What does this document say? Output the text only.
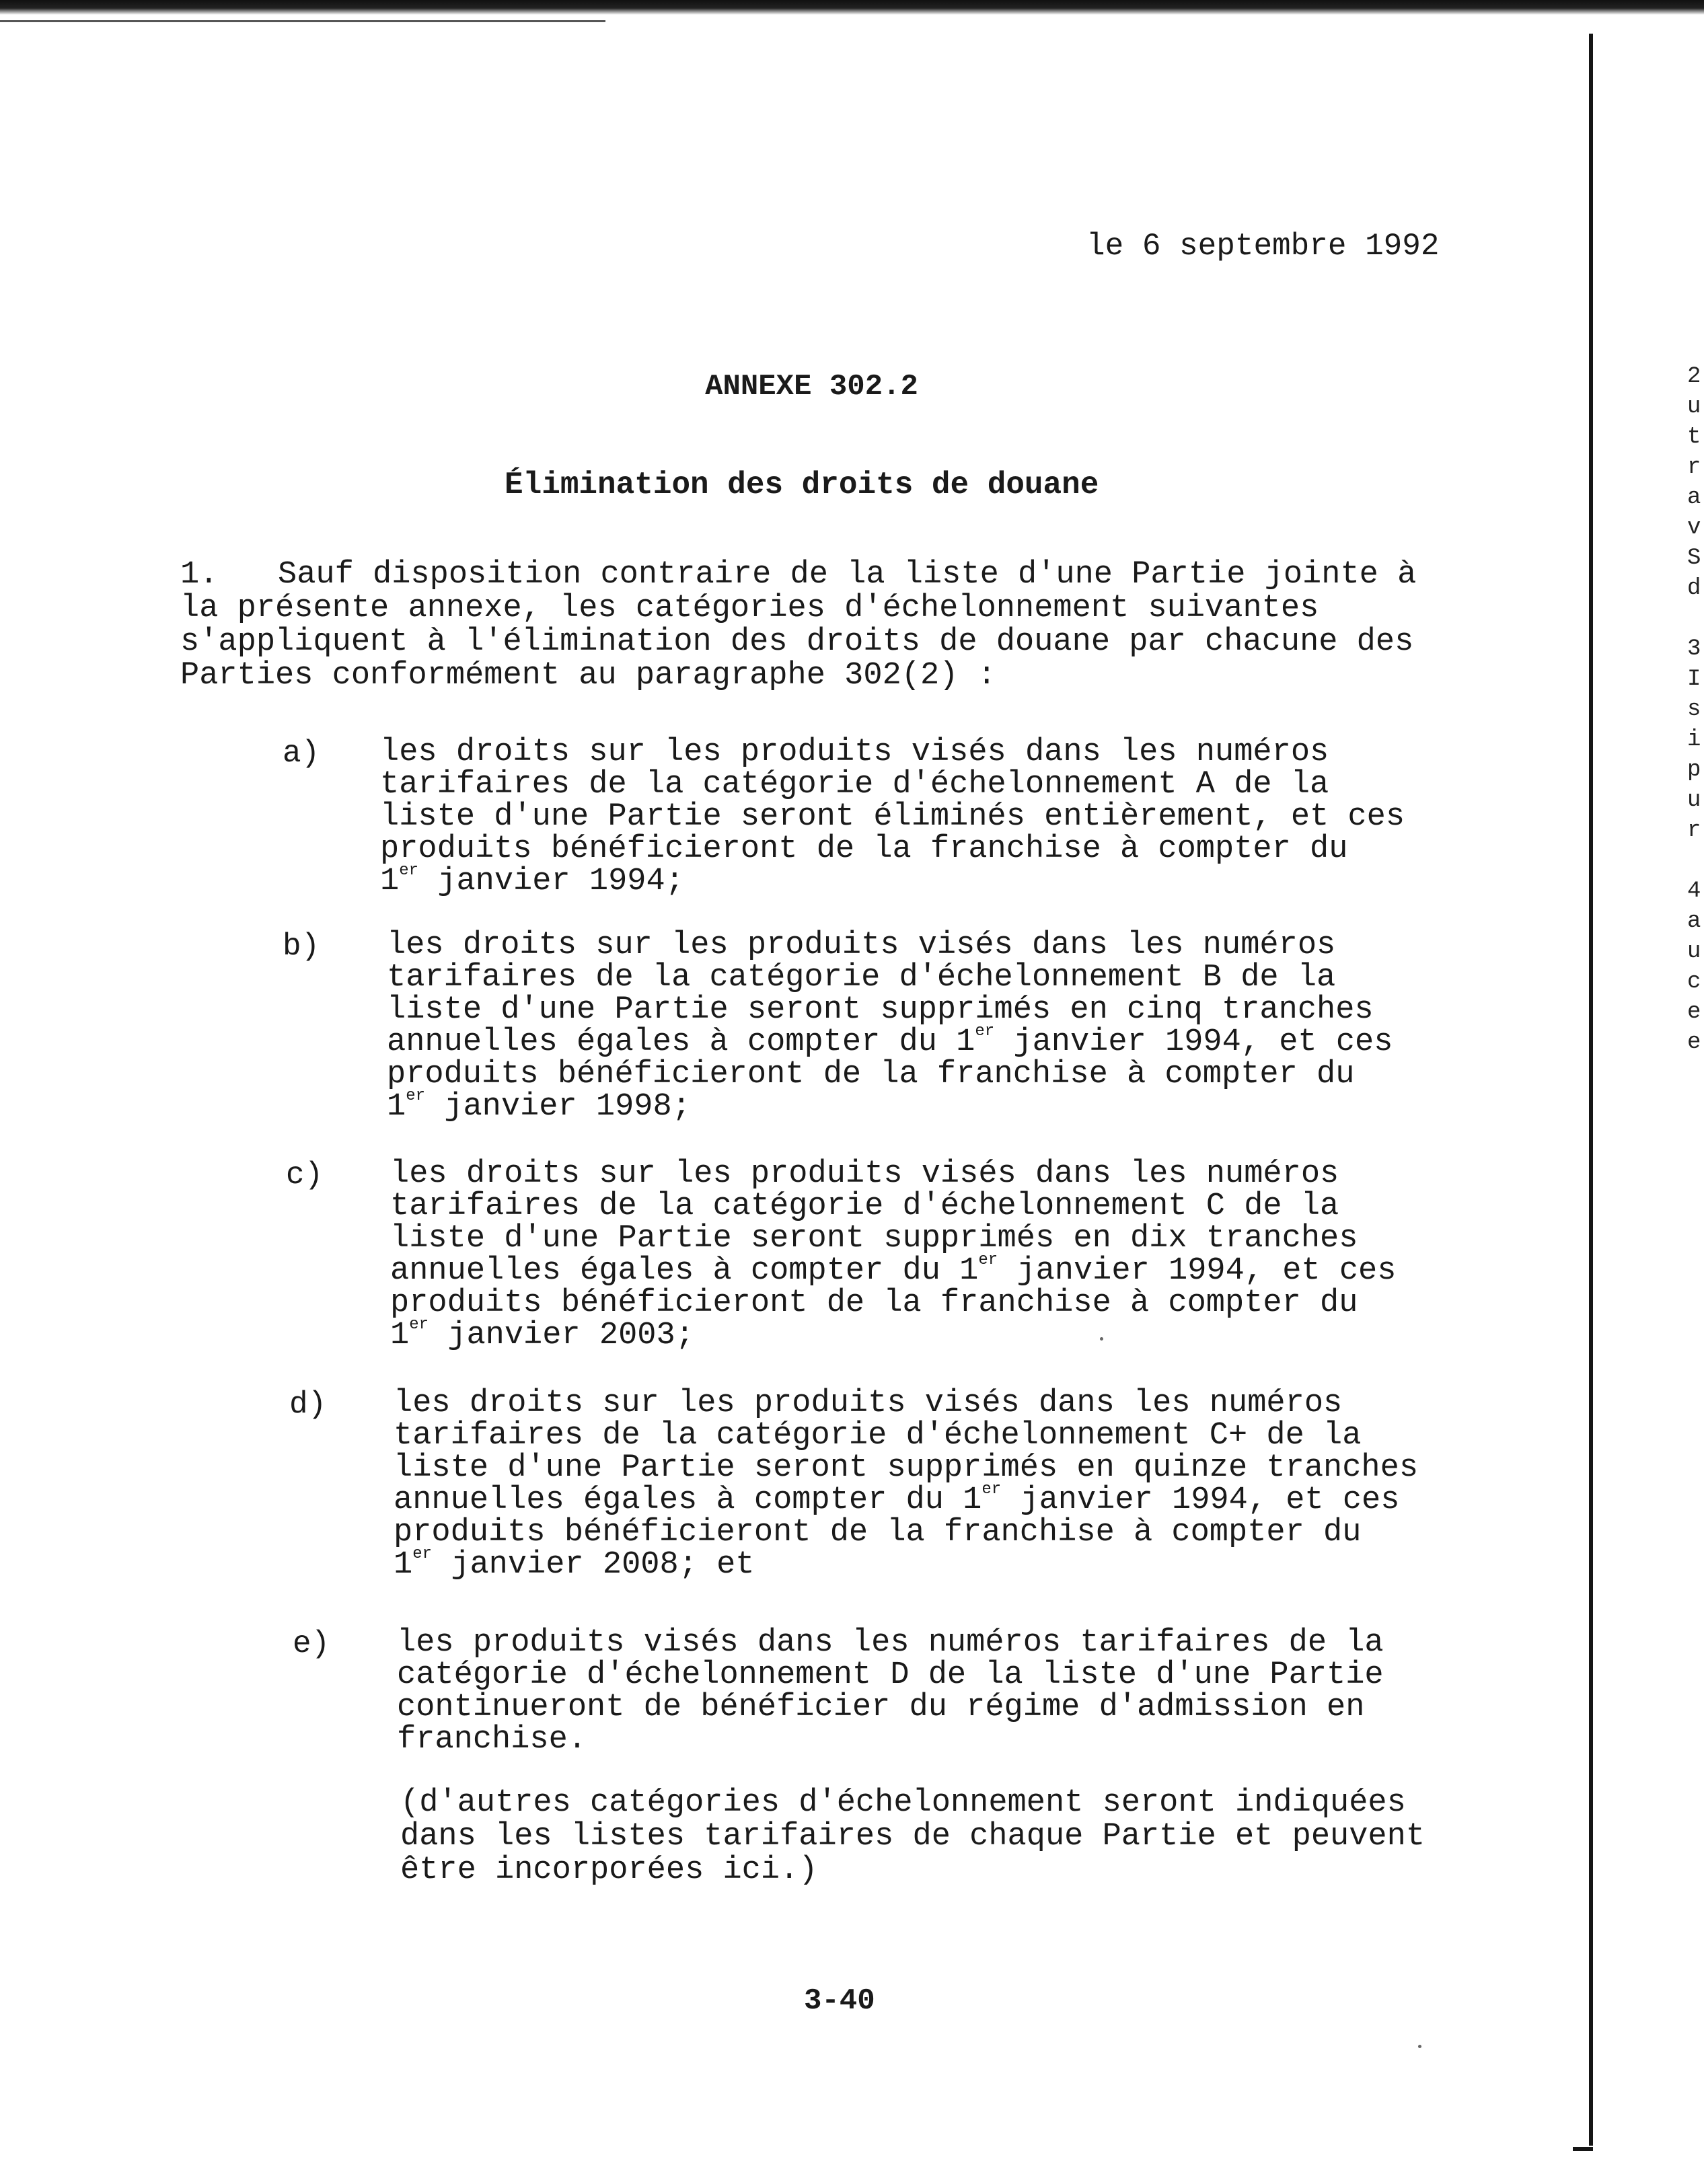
2
u
t
r
a
v
S
d
3
I
s
i
p
u
r
4
a
u
c
e
e
le 6 septembre 1992
ANNEXE 302.2
Élimination des droits de douane
1. Sauf disposition contraire de la liste d'une Partie jointe à
la présente annexe, les catégories d'échelonnement suivantes
s'appliquent à l'élimination des droits de douane par chacune des
Parties conformément au paragraphe 302(2) :
a) les droits sur les produits visés dans les numéros
tarifaires de la catégorie d'échelonnement A de la
liste d'une Partie seront éliminés entièrement, et ces
produits bénéficieront de la franchise à compter du
1er janvier 1994;
b) les droits sur les produits visés dans les numéros
tarifaires de la catégorie d'échelonnement B de la
liste d'une Partie seront supprimés en cinq tranches
annuelles égales à compter du 1er janvier 1994, et ces
produits bénéficieront de la franchise à compter du
1er janvier 1998;
c) les droits sur les produits visés dans les numéros
tarifaires de la catégorie d'échelonnement C de la
liste d'une Partie seront supprimés en dix tranches
annuelles égales à compter du 1er janvier 1994, et ces
produits bénéficieront de la franchise à compter du
1er janvier 2003;
d) les droits sur les produits visés dans les numéros
tarifaires de la catégorie d'échelonnement C+ de la
liste d'une Partie seront supprimés en quinze tranches
annuelles égales à compter du 1er janvier 1994, et ces
produits bénéficieront de la franchise à compter du
1er janvier 2008; et
e) les produits visés dans les numéros tarifaires de la
catégorie d'échelonnement D de la liste d'une Partie
continueront de bénéficier du régime d'admission en
franchise.
(d'autres catégories d'échelonnement seront indiquées
dans les listes tarifaires de chaque Partie et peuvent
être incorporées ici.)
3-40
